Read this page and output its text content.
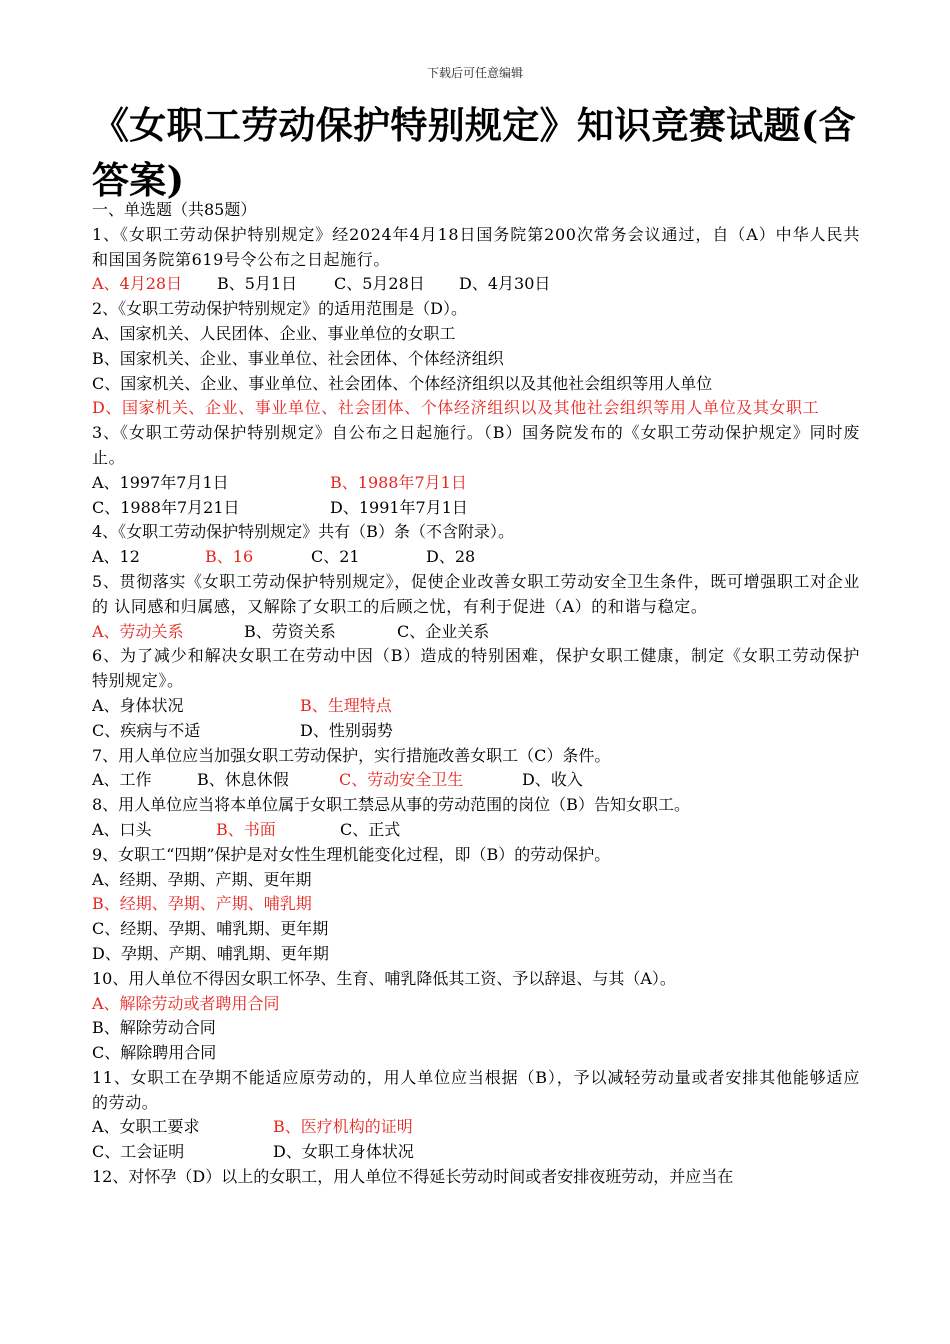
下载后可任意编辑
《女职工劳动保护特别规定》知识竞赛试题(含答案)
一、单选题（共85题）
1、《女职工劳动保护特别规定》经2024年4月18日国务院第200次常务会议通过，自（A）中华人民共和国国务院第619号令公布之日起施行。
A、4月28日 B、5月1日 C、5月28日 D、4月30日
2、《女职工劳动保护特别规定》的适用范围是（D）。
A、国家机关、人民团体、企业、事业单位的女职工
B、国家机关、企业、事业单位、社会团体、个体经济组织
C、国家机关、企业、事业单位、社会团体、个体经济组织以及其他社会组织等用人单位
D、国家机关、企业、事业单位、社会团体、个体经济组织以及其他社会组织等用人单位及其女职工
3、《女职工劳动保护特别规定》自公布之日起施行。（B）国务院发布的《女职工劳动保护规定》同时废止。
A、1997年7月1日	B、1988年7月1日
C、1988年7月21日	D、1991年7月1日
4、《女职工劳动保护特别规定》共有（B）条（不含附录）。
A、12	B、16	C、21	D、28
5、贯彻落实《女职工劳动保护特别规定》，促使企业改善女职工劳动安全卫生条件，既可增强职工对企业的 认同感和归属感，又解除了女职工的后顾之忧，有利于促进（A）的和谐与稳定。
A、劳动关系	B、劳资关系	C、企业关系
6、为了减少和解决女职工在劳动中因（B）造成的特别困难，保护女职工健康，制定《女职工劳动保护特别规定》。
A、身体状况	B、生理特点
C、疾病与不适	D、性别弱势
7、用人单位应当加强女职工劳动保护，实行措施改善女职工（C）条件。
A、工作	B、休息休假	C、劳动安全卫生	D、收入
8、用人单位应当将本单位属于女职工禁忌从事的劳动范围的岗位（B）告知女职工。
A、口头	B、书面	C、正式
9、女职工“四期”保护是对女性生理机能变化过程，即（B）的劳动保护。
A、经期、孕期、产期、更年期
B、经期、孕期、产期、哺乳期
C、经期、孕期、哺乳期、更年期
D、孕期、产期、哺乳期、更年期
10、用人单位不得因女职工怀孕、生育、哺乳降低其工资、予以辞退、与其（A）。
A、解除劳动或者聘用合同
B、解除劳动合同
C、解除聘用合同
11、女职工在孕期不能适应原劳动的，用人单位应当根据（B），予以减轻劳动量或者安排其他能够适应的劳动。
A、女职工要求	B、医疗机构的证明
C、工会证明	D、女职工身体状况
12、对怀孕（D）以上的女职工，用人单位不得延长劳动时间或者安排夜班劳动，并应当在
